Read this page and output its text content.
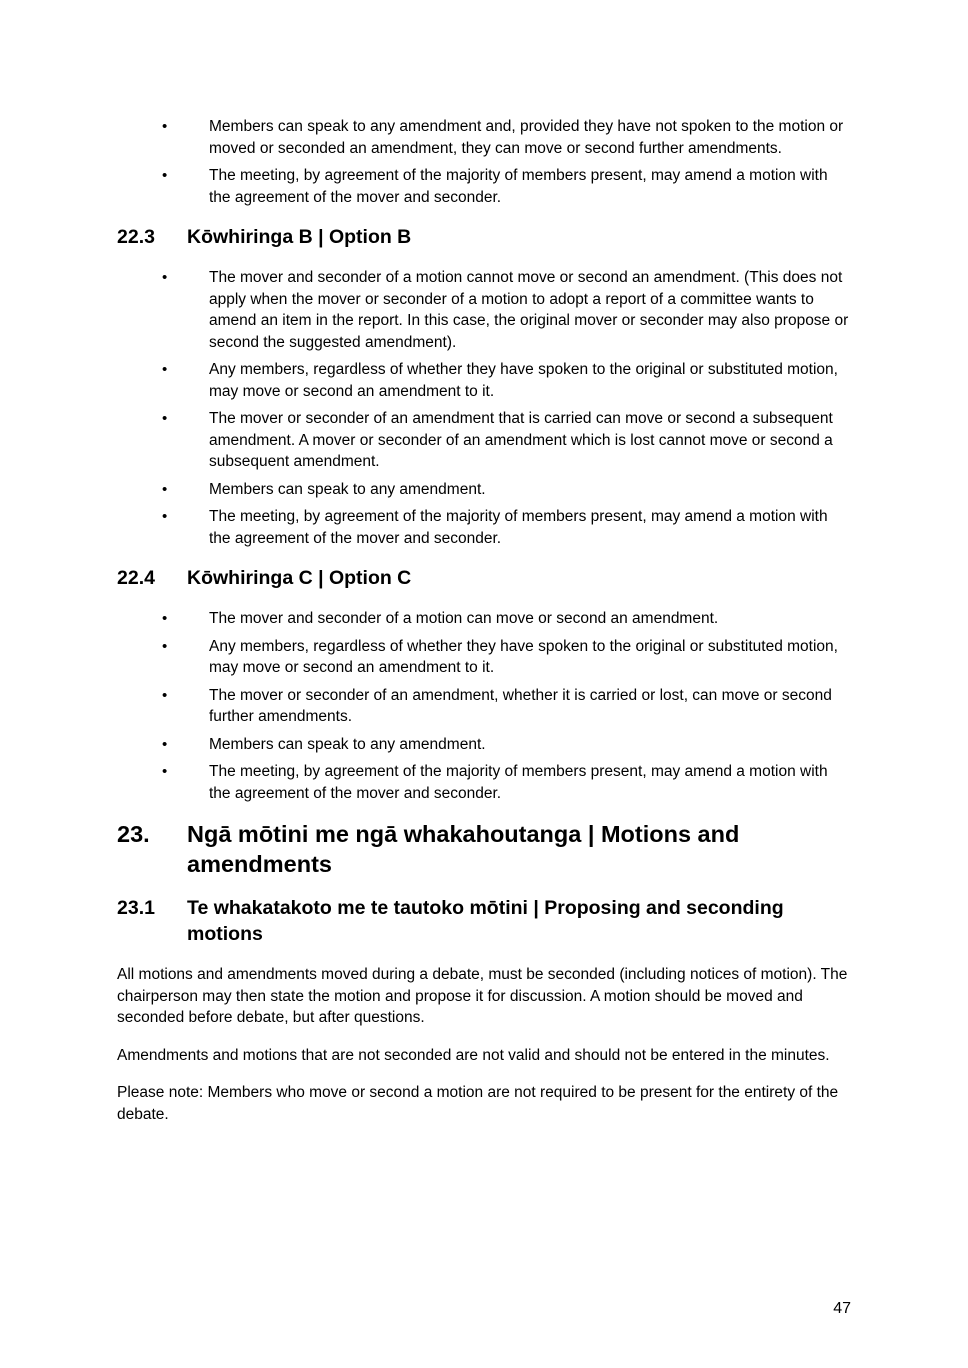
•	Members can speak to any amendment and, provided they have not spoken to the motion or moved or seconded an amendment, they can move or second further amendments.
•	The meeting, by agreement of the majority of members present, may amend a motion with the agreement of the mover and seconder.
22.3	Kōwhiringa B | Option B
•	The mover and seconder of a motion cannot move or second an amendment. (This does not apply when the mover or seconder of a motion to adopt a report of a committee wants to amend an item in the report. In this case, the original mover or seconder may also propose or second the suggested amendment).
•	Any members, regardless of whether they have spoken to the original or substituted motion, may move or second an amendment to it.
•	The mover or seconder of an amendment that is carried can move or second a subsequent amendment. A mover or seconder of an amendment which is lost cannot move or second a subsequent amendment.
•	Members can speak to any amendment.
•	The meeting, by agreement of the majority of members present, may amend a motion with the agreement of the mover and seconder.
22.4	Kōwhiringa C | Option C
•	The mover and seconder of a motion can move or second an amendment.
•	Any members, regardless of whether they have spoken to the original or substituted motion, may move or second an amendment to it.
•	The mover or seconder of an amendment, whether it is carried or lost, can move or second further amendments.
•	Members can speak to any amendment.
•	The meeting, by agreement of the majority of members present, may amend a motion with the agreement of the mover and seconder.
23.	Ngā mōtini me ngā whakahoutanga | Motions and amendments
23.1	Te whakatakoto me te tautoko mōtini | Proposing and seconding motions

All motions and amendments moved during a debate, must be seconded (including notices of motion). The chairperson may then state the motion and propose it for discussion. A motion should be moved and seconded before debate, but after questions.

Amendments and motions that are not seconded are not valid and should not be entered in the minutes.

Please note: Members who move or second a motion are not required to be present for the entirety of the debate.

47
